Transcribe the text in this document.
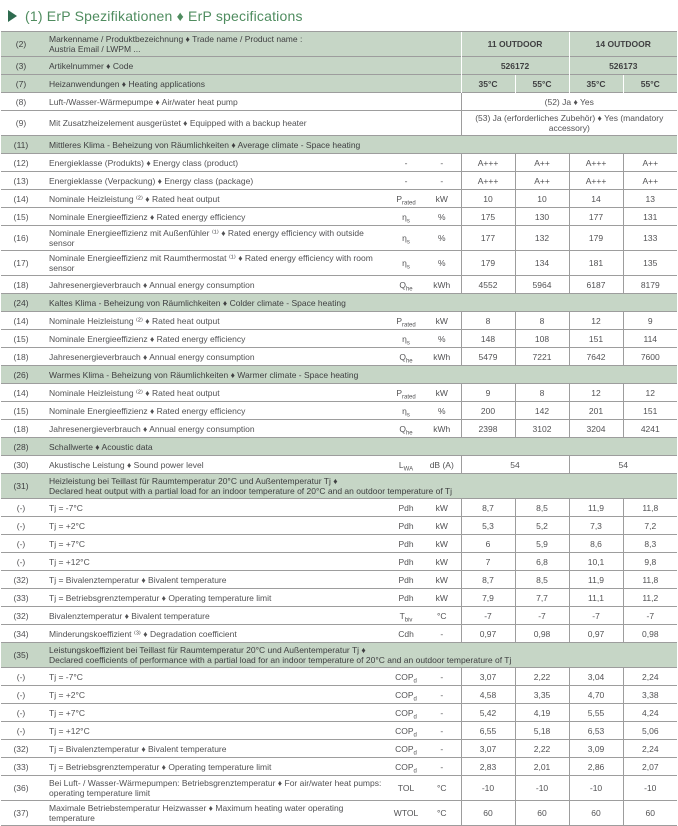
(1) ErP Spezifikationen ♦ ErP specifications
(2)	Markenname / Produktbezeichnung ♦ Trade name / Product name :
Austria Email / LWPM ...			11 OUTDOOR		14 OUTDOOR	
(3)	Artikelnummer ♦ Code			526172		526173	
(7)	Heizanwendungen ♦ Heating applications			35°C	55°C	35°C	55°C
(8)	Luft-/Wasser-Wärmepumpe ♦ Air/water heat pump			(52) Ja ♦ Yes			
(9)	Mit Zusatzheizelement ausgerüstet ♦ Equipped with a backup heater			(53) Ja (erforderliches Zubehör) ♦ Yes (mandatory accessory)			
(11)	Mittleres Klima - Beheizung von Räumlichkeiten ♦ Average climate - Space heating						

(12)	Energieklasse (Produkts) ♦ Energy class (product)	-	-	A+++	A++	A+++	A++
(13)	Energieklasse (Verpackung) ♦ Energy class (package)	-	-	A+++	A++	A+++	A++
(14)	Nominale Heizleistung ⁽²⁾ ♦ Rated heat output	$P_{rated}$	kW	10	10	14	13
(15)	Nominale Energieeffizienz ♦ Rated energy efficiency	$\eta_s$	%	175	130	177	131
(16)	Nominale Energieeffizienz mit Außenfühler ⁽¹⁾ ♦ Rated energy efficiency with outside sensor	$\eta_s$	%	177	132	179	133
(17)	Nominale Energieeffizienz mit Raumthermostat ⁽¹⁾ ♦ Rated energy efficiency with room sensor	$\eta_s$	%	179	134	181	135
(18)	Jahresenergieverbrauch ♦ Annual energy consumption	$Q_{he}$	kWh	4552	5964	6187	8179
(24)	Kaltes Klima - Beheizung von Räumlichkeiten ♦ Colder climate - Space heating						

(14)	Nominale Heizleistung ⁽²⁾ ♦ Rated heat output	$P_{rated}$	kW	8	8	12	9
(15)	Nominale Energieeffizienz ♦ Rated energy efficiency	$\eta_s$	%	148	108	151	114
(18)	Jahresenergieverbrauch ♦ Annual energy consumption	$Q_{he}$	kWh	5479	7221	7642	7600
(26)	Warmes Klima - Beheizung von Räumlichkeiten ♦ Warmer climate - Space heating						

(14)	Nominale Heizleistung ⁽²⁾ ♦ Rated heat output	$P_{rated}$	kW	9	8	12	12
(15)	Nominale Energieeffizienz ♦ Rated energy efficiency	$\eta_s$	%	200	142	201	151
(18)	Jahresenergieverbrauch ♦ Annual energy consumption	$Q_{he}$	kWh	2398	3102	3204	4241
(28)	Schallwerte ♦ Acoustic data						

(30)	Akustische Leistung ♦ Sound power level	$L_{WA}$	dB (A)	54		54	
(31)	Heizleistung bei Teillast für Raumtemperatur 20°C und Außentemperatur Tj ♦
Declared heat output with a partial load for an indoor temperature of 20°C and an outdoor temperature of Tj						

(-)	Tj = -7°C	Pdh	kW	8,7	8,5	11,9	11,8
(-)	Tj = +2°C	Pdh	kW	5,3	5,2	7,3	7,2
(-)	Tj = +7°C	Pdh	kW	6	5,9	8,6	8,3
(-)	Tj = +12°C	Pdh	kW	7	6,8	10,1	9,8
(32)	Tj = Bivalenztemperatur ♦ Bivalent temperature	Pdh	kW	8,7	8,5	11,9	11,8
(33)	Tj = Betriebsgrenztemperatur ♦ Operating temperature limit	Pdh	kW	7,9	7,7	11,1	11,2
(32)	Bivalenztemperatur ♦ Bivalent temperature	$T_{biv}$	°C	-7	-7	-7	-7
(34)	Minderungskoeffizient ⁽³⁾ ♦ Degradation coefficient	Cdh	-	0,97	0,98	0,97	0,98
(35)	Leistungskoeffizient bei Teillast für Raumtemperatur 20°C und Außentemperatur Tj ♦
Declared coefficients of performance with a partial load for an indoor temperature of 20°C and an outdoor temperature of Tj						

(-)	Tj = -7°C	$COP_d$	-	3,07	2,22	3,04	2,24
(-)	Tj = +2°C	$COP_d$	-	4,58	3,35	4,70	3,38
(-)	Tj = +7°C	$COP_d$	-	5,42	4,19	5,55	4,24
(-)	Tj = +12°C	$COP_d$	-	6,55	5,18	6,53	5,06
(32)	Tj = Bivalenztemperatur ♦ Bivalent temperature	$COP_d$	-	3,07	2,22	3,09	2,24
(33)	Tj = Betriebsgrenztemperatur ♦ Operating temperature limit	$COP_d$	-	2,83	2,01	2,86	2,07
(36)	Bei Luft- / Wasser-Wärmepumpen: Betriebsgrenztemperatur ♦ For air/water heat pumps: operating temperature limit	TOL	°C	-10	-10	-10	-10
(37)	Maximale Betriebstemperatur Heizwasser ♦ Maximum heating water operating temperature	WTOL	°C	60	60	60	60
